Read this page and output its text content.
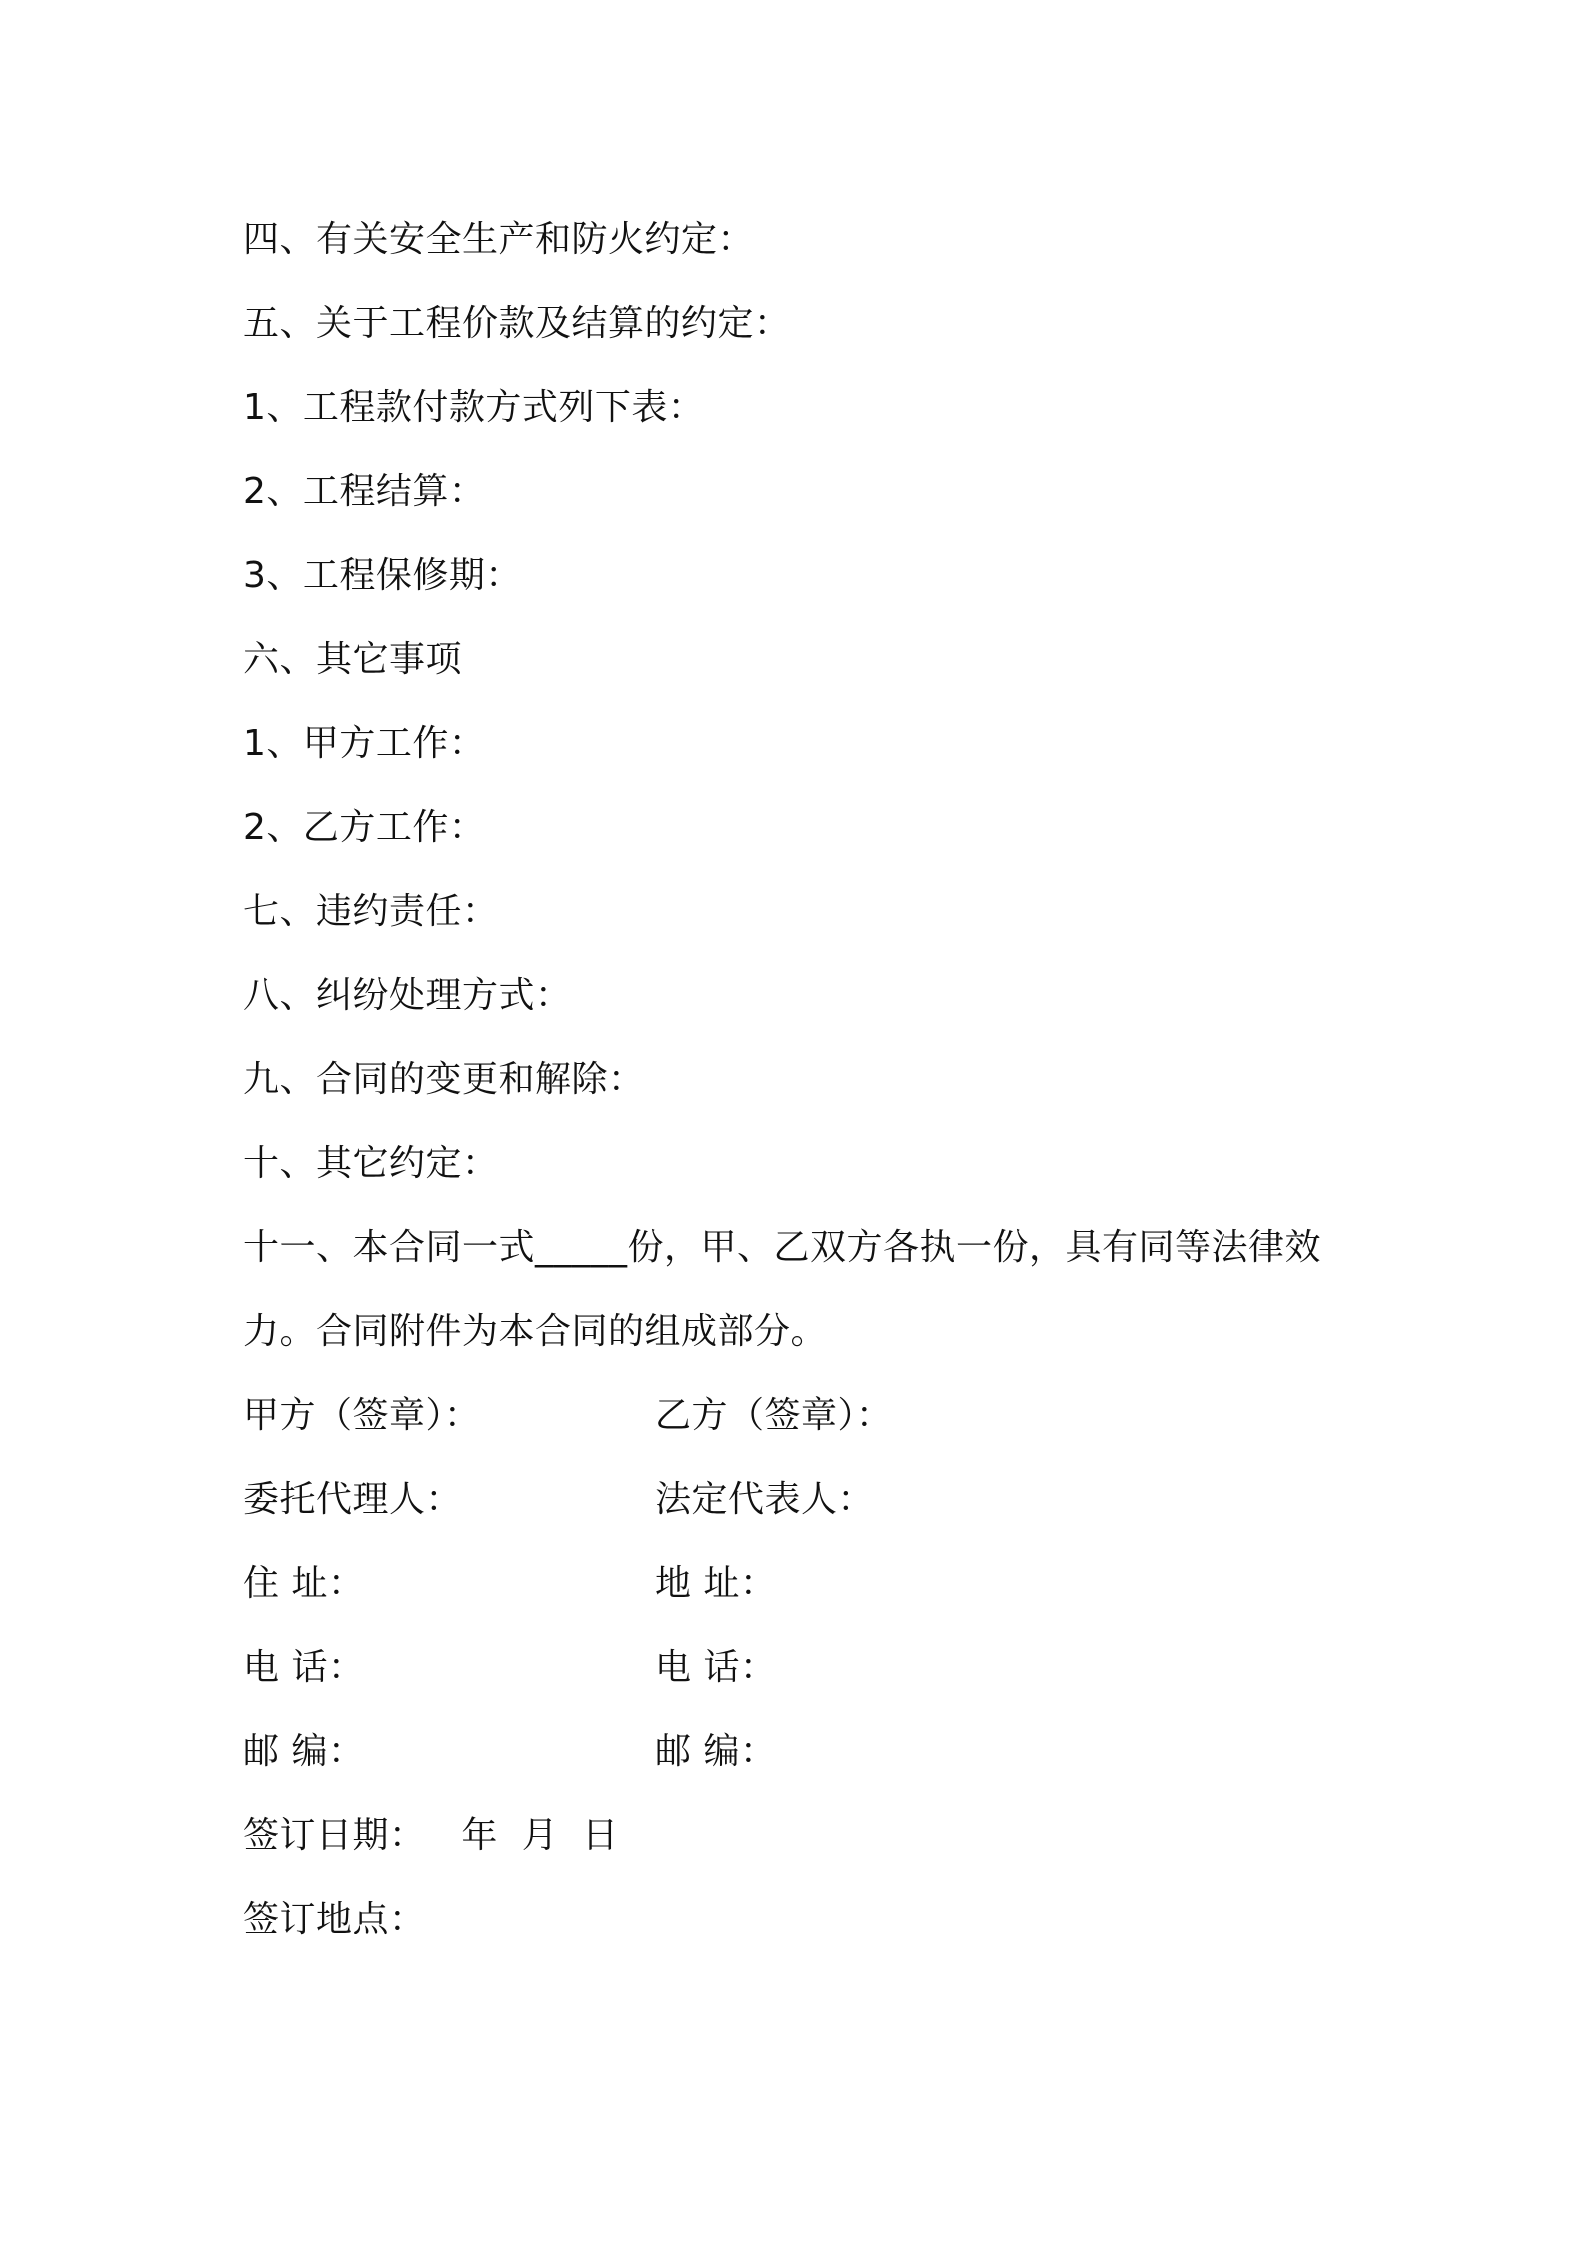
四、有关安全生产和防火约定：
五、关于工程价款及结算的约定：
1、工程款付款方式列下表：
2、工程结算：
3、工程保修期：
六、其它事项
1、甲方工作：
2、乙方工作：
七、违约责任：
八、纠纷处理方式：
九、合同的变更和解除：
十、其它约定：
十一、本合同一式_____份，甲、乙双方各执一份，具有同等法律效力。合同附件为本合同的组成部分。
甲方（签章）：	乙方（签章）：
委托代理人：	法定代表人：
住 址：	地 址：
电 话：	电 话：
邮 编：	邮 编：
签订日期：   年  月  日
签订地点：
